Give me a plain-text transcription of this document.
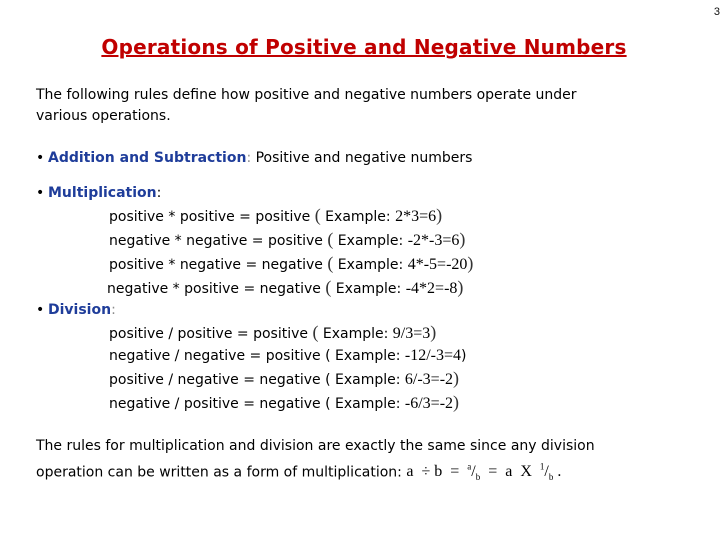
3
Operations of Positive and Negative Numbers
The following rules define how positive and negative numbers operate under
various operations.
• Addition and Subtraction: Positive and negative numbers
• Multiplication:
positive * positive = positive ( Example: 2*3=6)
negative * negative = positive ( Example: -2*-3=6)
positive * negative = negative ( Example: 4*-5=-20)
negative * positive = negative ( Example: -4*2=-8)
• Division:
positive / positive = positive ( Example: 9/3=3)
negative / negative = positive ( Example: -12/-3=4)
positive / negative = negative ( Example: 6/-3=-2)
negative / positive = negative ( Example: -6/3=-2)
The rules for multiplication and division are exactly the same since any division
operation can be written as a form of multiplication: $a \div b = ^a/_b = a$ X $^1/_b$ .
